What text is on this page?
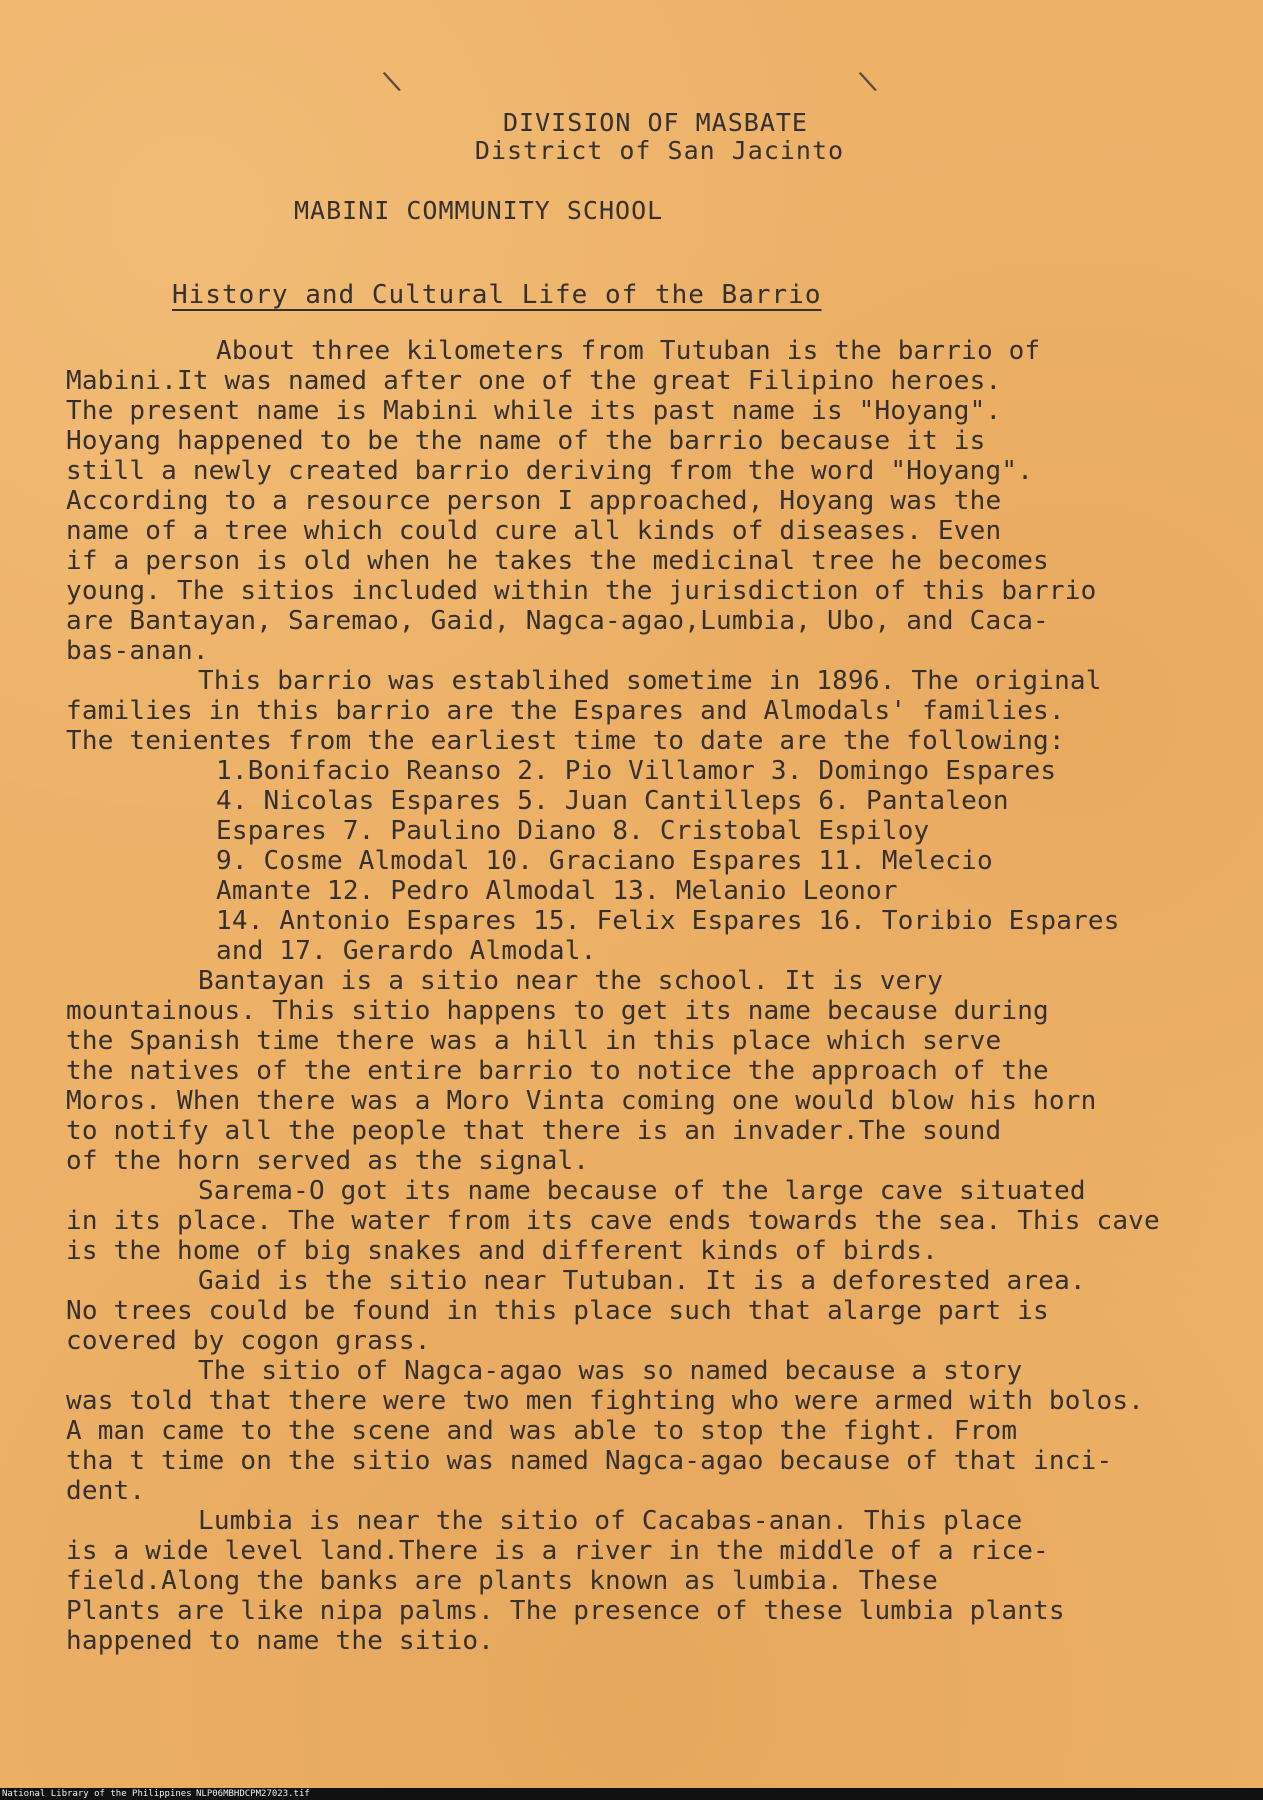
∖	∖
DIVISION OF MASBATE
District of San Jacinto
MABINI COMMUNITY SCHOOL
History and Cultural Life of the Barrio
About three kilometers from Tutuban is the barrio of
Mabini.It was named after one of the great Filipino heroes.
The present name is Mabini while its past name is "Hoyang".
Hoyang happened to be the name of the barrio because it is
still a newly created barrio deriving from the word "Hoyang".
According to a resource person I approached, Hoyang was the
name of a tree which could cure all kinds of diseases. Even
if a person is old when he takes the medicinal tree he becomes
young. The sitios included within the jurisdiction of this barrio
are Bantayan, Saremao, Gaid, Nagca-agao,Lumbia, Ubo, and Caca-
bas-anan.
This barrio was establihed sometime in 1896. The original
families in this barrio are the Espares and Almodals' families.
The tenientes from the earliest time to date are the following:
1.Bonifacio Reanso 2. Pio Villamor 3. Domingo Espares
4. Nicolas Espares 5. Juan Cantilleps 6. Pantaleon
Espares 7. Paulino Diano 8. Cristobal Espiloy
9. Cosme Almodal 10. Graciano Espares 11. Melecio
Amante 12. Pedro Almodal 13. Melanio Leonor
14. Antonio Espares 15. Felix Espares 16. Toribio Espares
and 17. Gerardo Almodal.
Bantayan is a sitio near the school. It is very
mountainous. This sitio happens to get its name because during
the Spanish time there was a hill in this place which serve
the natives of the entire barrio to notice the approach of the
Moros. When there was a Moro Vinta coming one would blow his horn
to notify all the people that there is an invader.The sound
of the horn served as the signal.
Sarema-O got its name because of the large cave situated
in its place. The water from its cave ends towards the sea. This cave
is the home of big snakes and different kinds of birds.
Gaid is the sitio near Tutuban. It is a deforested area.
No trees could be found in this place such that alarge part is
covered by cogon grass.
The sitio of Nagca-agao was so named because a story
was told that there were two men fighting who were armed with bolos.
A man came to the scene and was able to stop the fight. From
tha t time on the sitio was named Nagca-agao because of that inci-
dent.
Lumbia is near the sitio of Cacabas-anan. This place
is a wide level land.There is a river in the middle of a rice-
field.Along the banks are plants known as lumbia. These
Plants are like nipa palms. The presence of these lumbia plants
happened to name the sitio.
National Library of the Philippines NLP06MBHDCPM27023.tif
